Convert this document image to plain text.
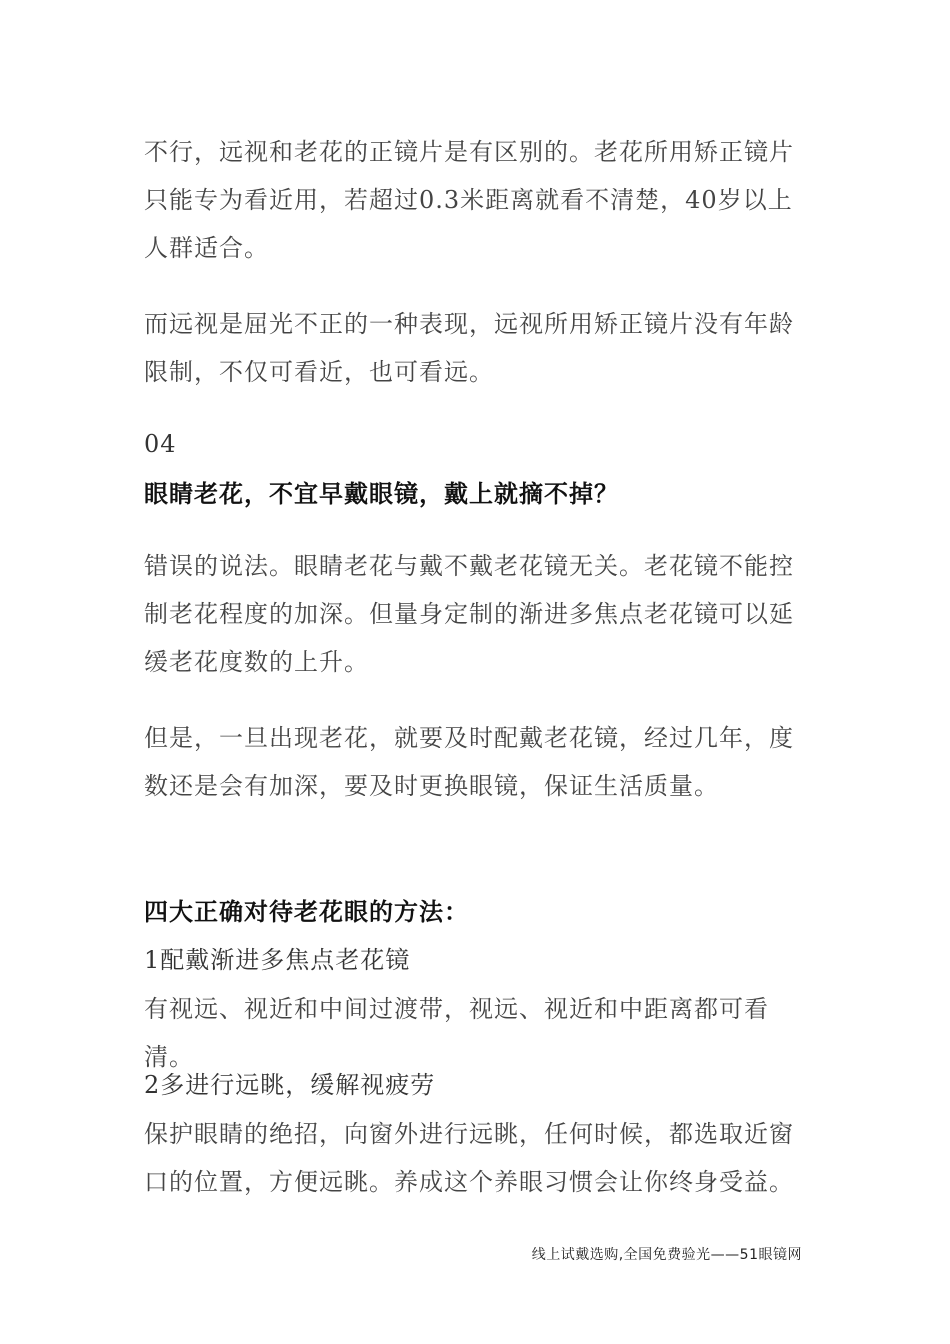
不行，远视和老花的正镜片是有区别的。老花所用矫正镜片只能专为看近用，若超过0.3米距离就看不清楚，40岁以上人群适合。
而远视是屈光不正的一种表现，远视所用矫正镜片没有年龄限制，不仅可看近，也可看远。
04
眼睛老花，不宜早戴眼镜，戴上就摘不掉？
错误的说法。眼睛老花与戴不戴老花镜无关。老花镜不能控制老花程度的加深。但量身定制的渐进多焦点老花镜可以延缓老花度数的上升。
但是，一旦出现老花，就要及时配戴老花镜，经过几年，度数还是会有加深，要及时更换眼镜，保证生活质量。
四大正确对待老花眼的方法：
1配戴渐进多焦点老花镜
有视远、视近和中间过渡带，视远、视近和中距离都可看清。
2多进行远眺，缓解视疲劳
保护眼睛的绝招，向窗外进行远眺，任何时候，都选取近窗口的位置，方便远眺。养成这个养眼习惯会让你终身受益。
线上试戴选购,全国免费验光——51眼镜网
